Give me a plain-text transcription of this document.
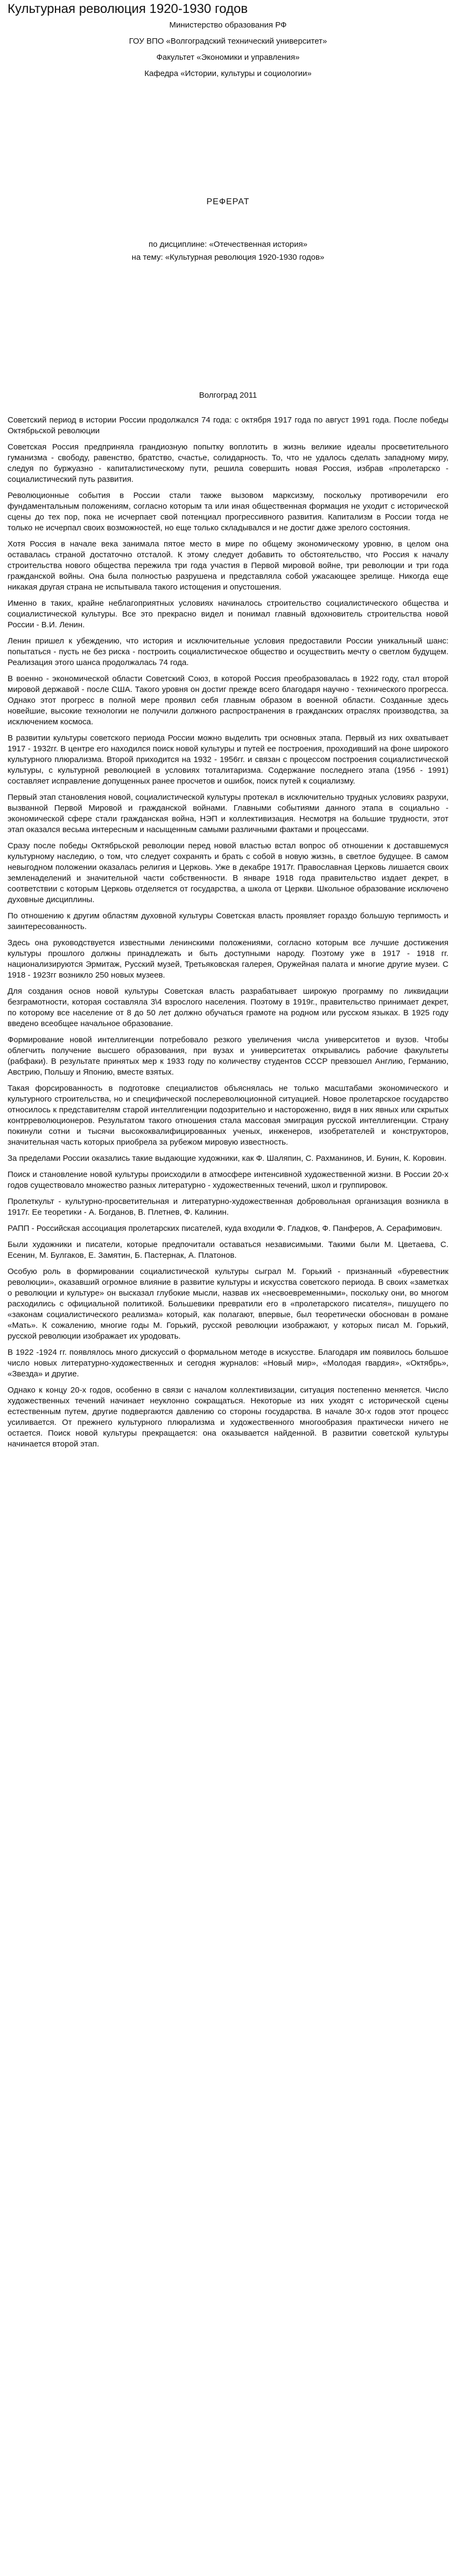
Культурная революция 1920-1930 годов
Министерство образования РФ
ГОУ ВПО «Волгоградский технический университет»
Факультет «Экономики и управления»
Кафедра «Истории, культуры и социологии»
РЕФЕРАТ
по дисциплине: «Отечественная история»
на тему: «Культурная революция 1920-1930 годов»
Волгоград 2011

Советский период в истории России продолжался 74 года: с октября 1917 года по август 1991 года. После победы Октябрьской революции

Советская Россия предприняла грандиозную попытку воплотить в жизнь великие идеалы просветительного гуманизма - свободу, равенство, братство, счастье, солидарность. То, что не удалось сделать западному миру, следуя по буржуазно - капиталистическому пути, решила совершить новая Россия, избрав «пролетарско - социалистический путь развития.

Революционные события в России стали также вызовом марксизму, поскольку противоречили его фундаментальным положениям, согласно которым та или иная общественная формация не уходит с исторической сцены до тех пор, пока не исчерпает свой потенциал прогрессивного развития. Капитализм в России тогда не только не исчерпал своих возможностей, но еще только складывался и не достиг даже зрелого состояния.

Хотя Россия в начале века занимала пятое место в мире по общему экономическому уровню, в целом она оставалась страной достаточно отсталой. К этому следует добавить то обстоятельство, что Россия к началу строительства нового общества пережила три года участия в Первой мировой войне, три революции и три года гражданской войны. Она была полностью разрушена и представляла собой ужасающее зрелище. Никогда еще никакая другая страна не испытывала такого истощения и опустошения.

Именно в таких, крайне неблагоприятных условиях начиналось строительство социалистического общества и социалистической культуры. Все это прекрасно видел и понимал главный вдохновитель строительства новой России - В.И. Ленин.

Ленин пришел к убеждению, что история и исключительные условия предоставили России уникальный шанс: попытаться - пусть не без риска - построить социалистическое общество и осуществить мечту о светлом будущем. Реализация этого шанса продолжалась 74 года.

В военно - экономической области Советский Союз, в которой Россия преобразовалась в 1922 году, стал второй мировой державой - после США. Такого уровня он достиг прежде всего благодаря научно - технического прогресса. Однако этот прогресс в полной мере проявил себя главным образом в военной области. Созданные здесь новейшие, высокие технологии не получили должного распространения в гражданских отраслях производства, за исключением космоса.

В развитии культуры советского периода России можно выделить три основных этапа. Первый из них охватывает 1917 - 1932гг. В центре его находился поиск новой культуры и путей ее построения, проходивший на фоне широкого культурного плюрализма. Второй приходится на 1932 - 1956гг. и связан с процессом построения социалистической культуры, с культурной революцией в условиях тоталитаризма. Содержание последнего этапа (1956 - 1991) составляет исправление допущенных ранее просчетов и ошибок, поиск путей к социализму.

Первый этап становления новой, социалистической культуры протекал в исключительно трудных условиях разрухи, вызванной Первой Мировой и гражданской войнами. Главными событиями данного этапа в социально - экономической сфере стали гражданская война, НЭП и коллективизация. Несмотря на большие трудности, этот этап оказался весьма интересным и насыщенным самыми различными фактами и процессами.

Сразу после победы Октябрьской революции перед новой властью встал вопрос об отношении к доставшемуся культурному наследию, о том, что следует сохранять и брать с собой в новую жизнь, в светлое будущее. В самом невыгодном положении оказалась религия и Церковь. Уже в декабре 1917г. Православная Церковь лишается своих земленаделений и значительной части собственности. В январе 1918 года правительство издает декрет, в соответствии с которым Церковь отделяется от государства, а школа от Церкви. Школьное образование исключено духовные дисциплины.

По отношению к другим областям духовной культуры Советская власть проявляет гораздо большую терпимость и заинтересованность.

Здесь она руководствуется известными ленинскими положениями, согласно которым все лучшие достижения культуры прошлого должны принадлежать и быть доступными народу. Поэтому уже в 1917 - 1918 гг. национализируются Эрмитаж, Русский музей, Третьяковская галерея, Оружейная палата и многие другие музеи. С 1918 - 1923гг возникло 250 новых музеев.

Для создания основ новой культуры Советская власть разрабатывает широкую программу по ликвидации безграмотности, которая составляла 3\4 взрослого населения. Поэтому в 1919г., правительство принимает декрет, по которому все население от 8 до 50 лет должно обучаться грамоте на родном или русском языках. В 1925 году введено всеобщее начальное образование.

Формирование новой интеллигенции потребовало резкого увеличения числа университетов и вузов. Чтобы облегчить получение высшего образования, при вузах и университетах открывались рабочие факультеты (рабфаки). В результате принятых мер к 1933 году по количеству студентов СССР превзошел Англию, Германию, Австрию, Польшу и Японию, вместе взятых.

Такая форсированность в подготовке специалистов объяснялась не только масштабами экономического и культурного строительства, но и специфической послереволюционной ситуацией. Новое пролетарское государство относилось к представителям старой интеллигенции подозрительно и настороженно, видя в них явных или скрытых контрреволюционеров. Результатом такого отношения стала массовая эмиграция русской интеллигенции. Страну покинули сотни и тысячи высококвалифицированных ученых, инженеров, изобретателей и конструкторов, значительная часть которых приобрела за рубежом мировую известность.

За пределами России оказались такие выдающие художники, как Ф. Шаляпин, С. Рахманинов, И. Бунин, К. Коровин.

Поиск и становление новой культуры происходили в атмосфере интенсивной художественной жизни. В России 20-х годов существовало множество разных литературно - художественных течений, школ и группировок.

Пролеткульт - культурно-просветительная и литературно-художественная добровольная организация возникла в 1917г. Ее теоретики - А. Богданов, В. Плетнев, Ф. Калинин.

РАПП - Российская ассоциация пролетарских писателей, куда входили Ф. Гладков, Ф. Панферов, А. Серафимович.

Были художники и писатели, которые предпочитали оставаться независимыми. Такими были М. Цветаева, С. Есенин, М. Булгаков, Е. Замятин, Б. Пастернак, А. Платонов.

Особую роль в формировании социалистической культуры сыграл М. Горький - признанный «буревестник революции», оказавший огромное влияние в развитие культуры и искусства советского периода. В своих «заметках о революции и культуре» он высказал глубокие мысли, назвав их «несвоевременными», поскольку они, во многом расходились с официальной политикой. Большевики превратили его в «пролетарского писателя», пишущего по «законам социалистического реализма» который, как полагают, впервые, был теоретически обоснован в романе «Мать». К сожалению, многие годы М. Горький, русской революции изображают, у которых писал М. Горький, русской революции изображает их уродовать.

В 1922 -1924 гг. появлялось много дискуссий о формальном методе в искусстве. Благодаря им появилось большое число новых литературно-художественных и сегодня журналов: «Новый мир», «Молодая гвардия», «Октябрь», «Звезда» и другие.

Однако к концу 20-х годов, особенно в связи с началом коллективизации, ситуация постепенно меняется. Число художественных течений начинает неуклонно сокращаться. Некоторые из них уходят с исторической сцены естественным путем, другие подвергаются давлению со стороны государства. В начале 30-х годов этот процесс усиливается. От прежнего культурного плюрализма и художественного многообразия практически ничего не остается. Поиск новой культуры прекращается: она оказывается найденной. В развитии советской культуры начинается второй этап.
